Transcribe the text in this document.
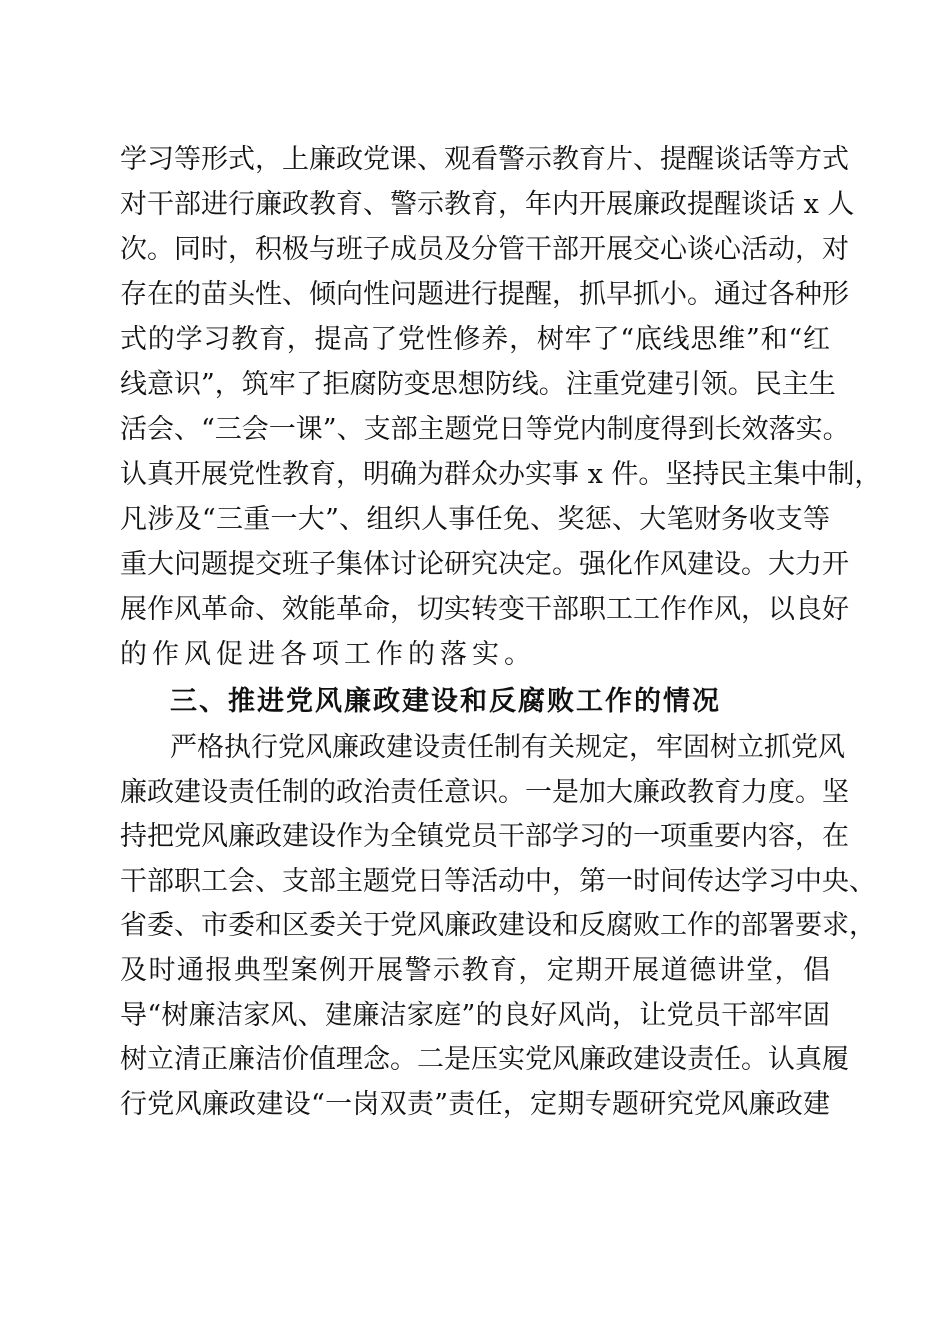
学习等形式，上廉政党课、观看警示教育片、提醒谈话等方式
对干部进行廉政教育、警示教育，年内开展廉政提醒谈话 x 人
次。同时，积极与班子成员及分管干部开展交心谈心活动，对
存在的苗头性、倾向性问题进行提醒，抓早抓小。通过各种形
式的学习教育，提高了党性修养，树牢了“底线思维”和“红
线意识”，筑牢了拒腐防变思想防线。注重党建引领。民主生
活会、“三会一课”、支部主题党日等党内制度得到长效落实。
认真开展党性教育，明确为群众办实事 x 件。坚持民主集中制，
凡涉及“三重一大”、组织人事任免、奖惩、大笔财务收支等
重大问题提交班子集体讨论研究决定。强化作风建设。大力开
展作风革命、效能革命，切实转变干部职工工作作风，以良好
的作风促进各项工作的落实。
三、推进党风廉政建设和反腐败工作的情况
严格执行党风廉政建设责任制有关规定，牢固树立抓党风
廉政建设责任制的政治责任意识。一是加大廉政教育力度。坚
持把党风廉政建设作为全镇党员干部学习的一项重要内容，在
干部职工会、支部主题党日等活动中，第一时间传达学习中央、
省委、市委和区委关于党风廉政建设和反腐败工作的部署要求，
及时通报典型案例开展警示教育，定期开展道德讲堂，倡
导“树廉洁家风、建廉洁家庭”的良好风尚，让党员干部牢固
树立清正廉洁价值理念。二是压实党风廉政建设责任。认真履
行党风廉政建设“一岗双责”责任，定期专题研究党风廉政建
